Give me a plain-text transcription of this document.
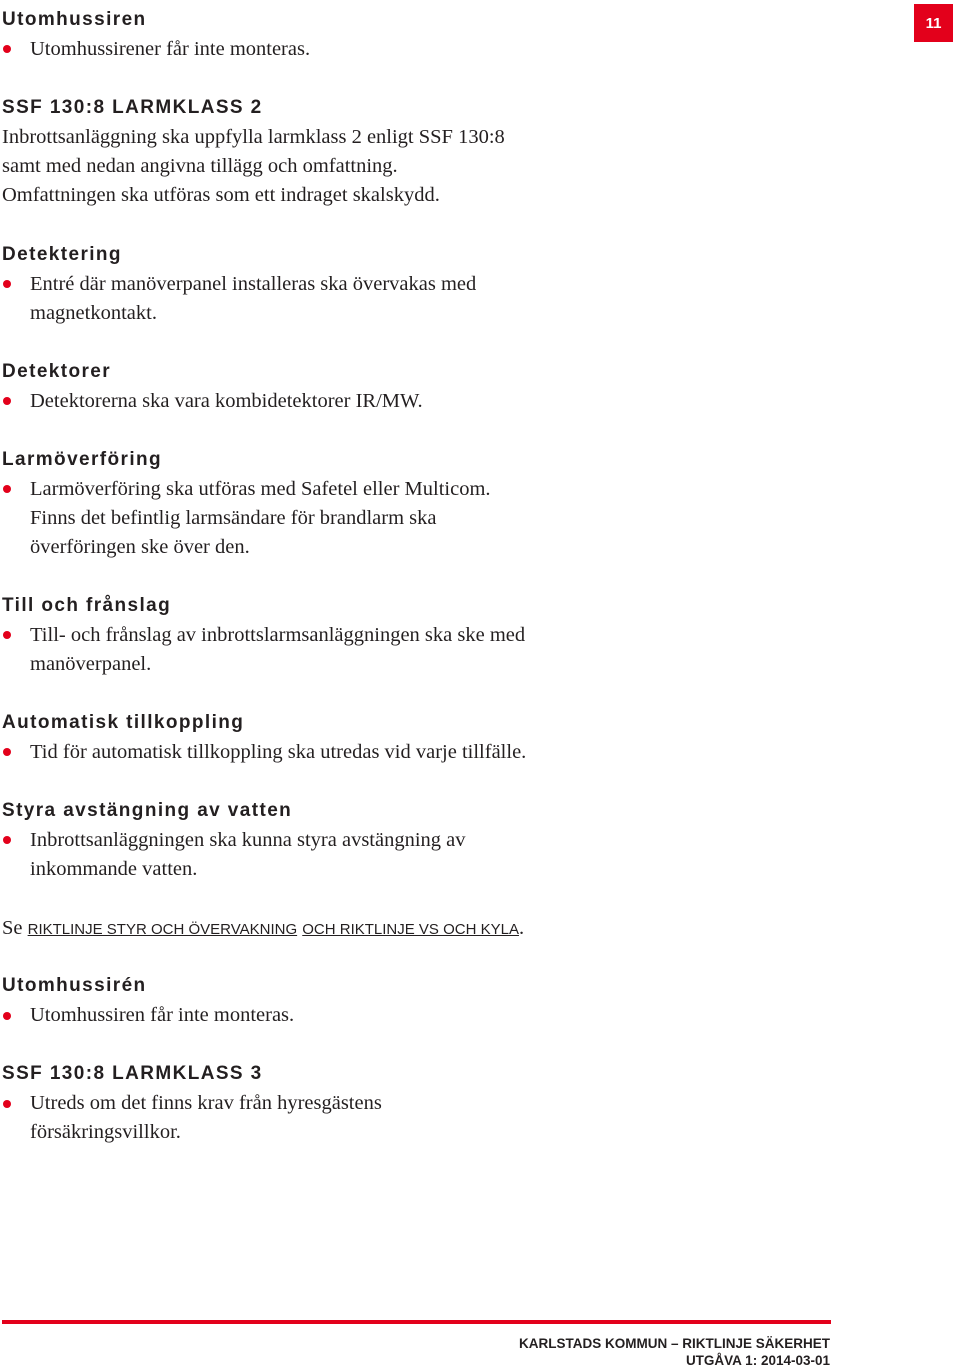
11
Utomhussiren

Utomhussirener får inte monteras.

SSF 130:8 LARMKLASS 2

Inbrottsanläggning ska uppfylla larmklass 2 enligt SSF 130:8

samt med nedan angivna tillägg och omfattning.

Omfattningen ska utföras som ett indraget skalskydd.

Detektering

Entré där manöverpanel installeras ska övervakas med

magnetkontakt.

Detektorer

Detektorerna ska vara kombidetektorer IR/MW.

Larmöverföring

Larmöverföring ska utföras med Safetel eller Multicom.

Finns det befintlig larmsändare för brandlarm ska

överföringen ske över den.

Till och frånslag

Till- och frånslag av inbrottslarmsanläggningen ska ske med

manöverpanel.

Automatisk tillkoppling

Tid för automatisk tillkoppling ska utredas vid varje tillfälle.

Styra avstängning av vatten

Inbrottsanläggningen ska kunna styra avstängning av

inkommande vatten.

Se RIKTLINJE STYR OCH ÖVERVAKNING OCH RIKTLINJE VS OCH KYLA.

Utomhussirén

Utomhussiren får inte monteras.

SSF 130:8 LARMKLASS 3

Utreds om det finns krav från hyresgästens

försäkringsvillkor.

KARLSTADS KOMMUN – RIKTLINJE SÄKERHET
UTGÅVA 1: 2014-03-01
